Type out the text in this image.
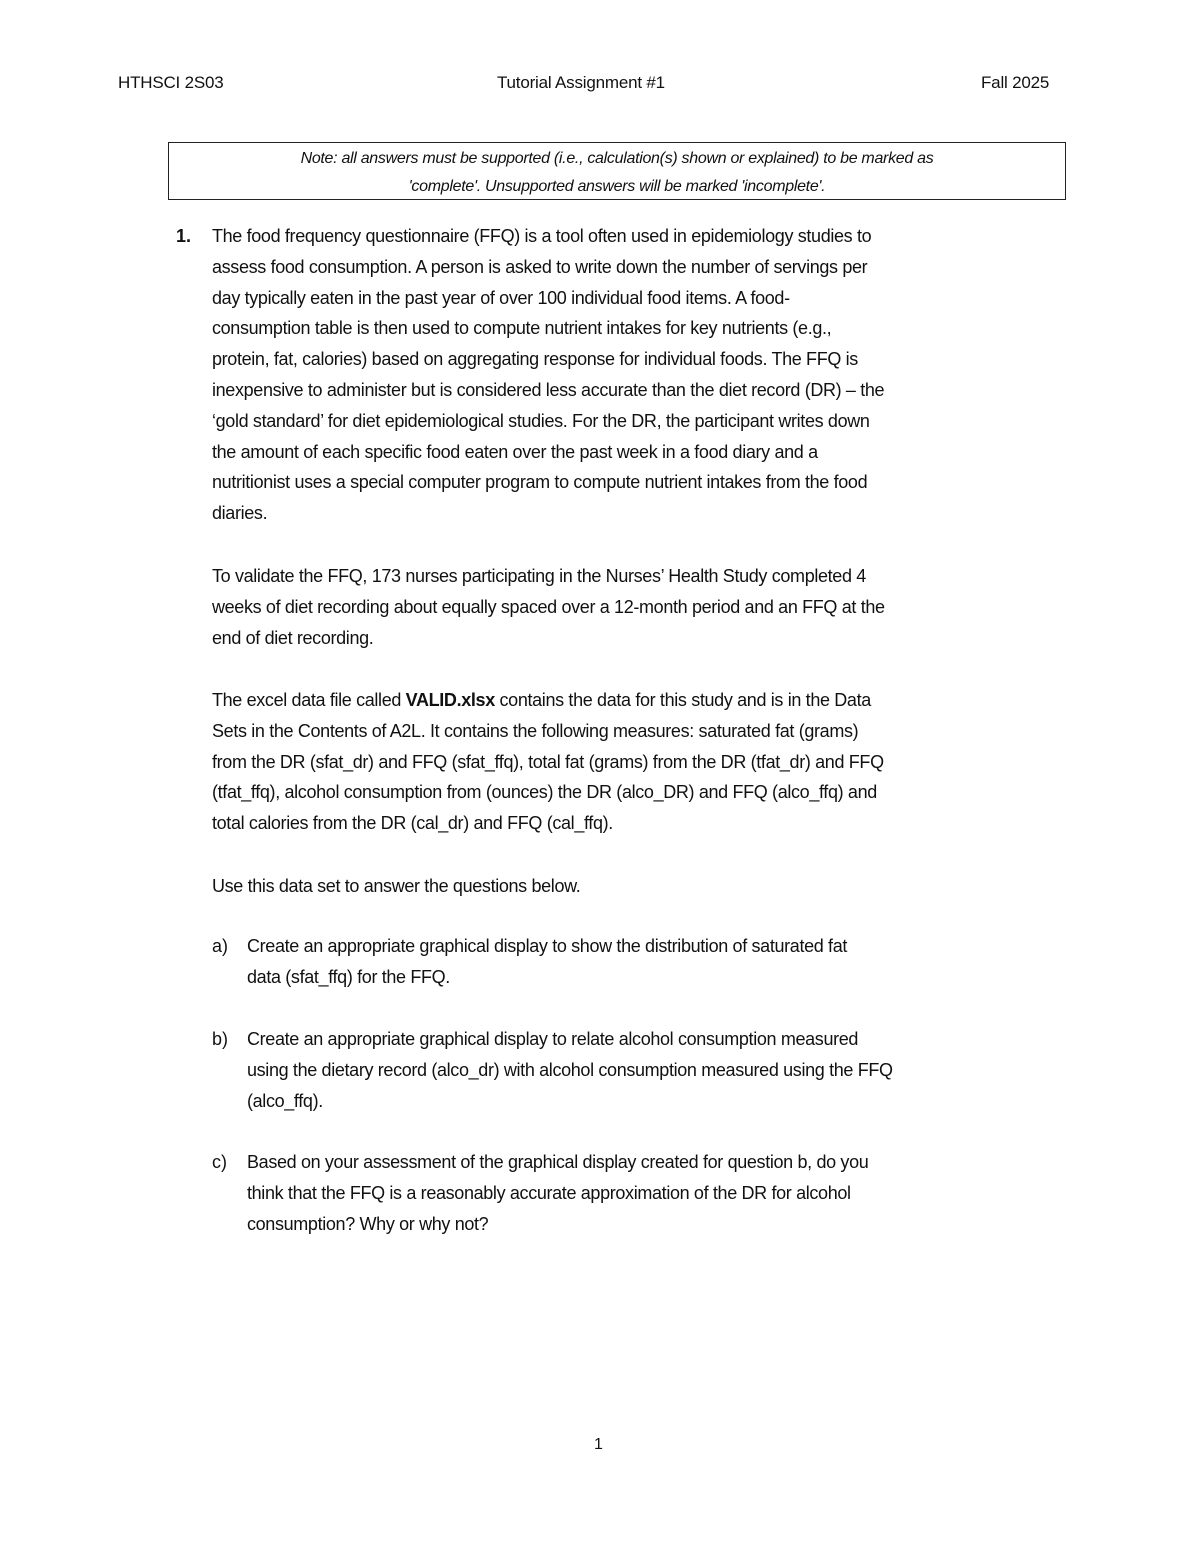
HTHSCI 2S03	Tutorial Assignment #1	Fall 2025
Note: all answers must be supported (i.e., calculation(s) shown or explained) to be marked as
'complete'. Unsupported answers will be marked 'incomplete'.
1. The food frequency questionnaire (FFQ) is a tool often used in epidemiology studies to
assess food consumption. A person is asked to write down the number of servings per
day typically eaten in the past year of over 100 individual food items. A food-
consumption table is then used to compute nutrient intakes for key nutrients (e.g.,
protein, fat, calories) based on aggregating response for individual foods. The FFQ is
inexpensive to administer but is considered less accurate than the diet record (DR) – the
‘gold standard’ for diet epidemiological studies. For the DR, the participant writes down
the amount of each specific food eaten over the past week in a food diary and a
nutritionist uses a special computer program to compute nutrient intakes from the food
diaries.
To validate the FFQ, 173 nurses participating in the Nurses’ Health Study completed 4
weeks of diet recording about equally spaced over a 12-month period and an FFQ at the
end of diet recording.
The excel data file called VALID.xlsx contains the data for this study and is in the Data
Sets in the Contents of A2L. It contains the following measures: saturated fat (grams)
from the DR (sfat_dr) and FFQ (sfat_ffq), total fat (grams) from the DR (tfat_dr) and FFQ
(tfat_ffq), alcohol consumption from (ounces) the DR (alco_DR) and FFQ (alco_ffq) and
total calories from the DR (cal_dr) and FFQ (cal_ffq).
Use this data set to answer the questions below.
a) Create an appropriate graphical display to show the distribution of saturated fat
data (sfat_ffq) for the FFQ.
b) Create an appropriate graphical display to relate alcohol consumption measured
using the dietary record (alco_dr) with alcohol consumption measured using the FFQ
(alco_ffq).
c) Based on your assessment of the graphical display created for question b, do you
think that the FFQ is a reasonably accurate approximation of the DR for alcohol
consumption? Why or why not?
1
